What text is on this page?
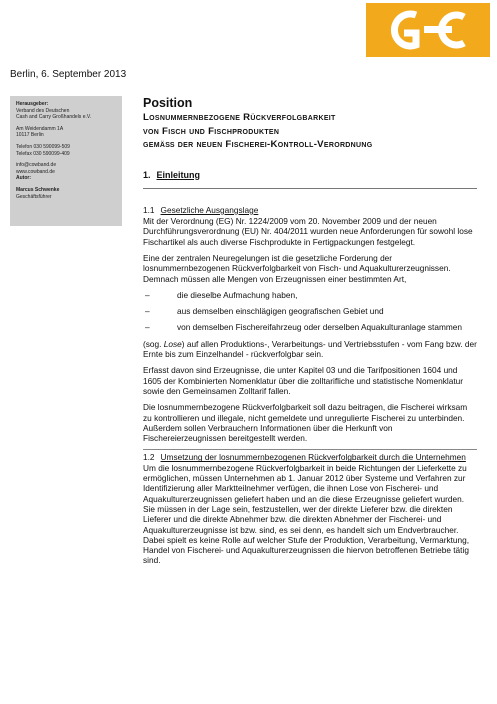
Berlin, 6. September 2013
Herausgeber:
Verband des Deutschen
Cash and Carry Großhandels e.V.
Am Weidendamm 1A
10117 Berlin
Telefon 030 590099-509
Telefax 030 590099-409
info@cowband.de
www.cowband.de
Autor:
Marcus Schwenke
Geschäftsführer
Position
Losnummernbezogene Rückverfolgbarkeit
von Fisch und Fischprodukten
gemäß der neuen Fischerei-Kontroll-Verordnung
1. Einleitung
1.1 Gesetzliche Ausgangslage

Mit der Verordnung (EG) Nr. 1224/2009 vom 20. November 2009 und der neuen Durchführungsverordnung (EU) Nr. 404/2011 wurden neue Anforderungen für sowohl lose Fischartikel als auch diverse Fischprodukte in Fertigpackungen festgelegt.

Eine der zentralen Neuregelungen ist die gesetzliche Forderung der losnummernbezogenen Rückverfolgbarkeit von Fisch- und Aquakulturerzeugnissen. Demnach müssen alle Mengen von Erzeugnissen einer bestimmten Art,

–	die dieselbe Aufmachung haben,
–	aus demselben einschlägigen geografischen Gebiet und
–	von demselben Fischereifahrzeug oder derselben Aquakulturanlage stammen

(sog. Lose) auf allen Produktions-, Verarbeitungs- und Vertriebsstufen - vom Fang bzw. der Ernte bis zum Einzelhandel - rückverfolgbar sein.

Erfasst davon sind Erzeugnisse, die unter Kapitel 03 und die Tarifpositionen 1604 und 1605 der Kombinierten Nomenklatur über die zolltarifliche und statistische Nomenklatur sowie den Gemeinsamen Zolltarif fallen.

Die losnummernbezogene Rückverfolgbarkeit soll dazu beitragen, die Fischerei wirksam zu kontrollieren und illegale, nicht gemeldete und unregulierte Fischerei zu unterbinden. Außerdem sollen Verbrauchern Informationen über die Herkunft von Fischereierzeugnissen bereitgestellt werden.

1.2 Umsetzung der losnummernbezogenen Rückverfolgbarkeit durch die Unternehmen

Um die losnummernbezogene Rückverfolgbarkeit in beide Richtungen der Lieferkette zu ermöglichen, müssen Unternehmen ab 1. Januar 2012 über Systeme und Verfahren zur Identifizierung aller Marktteilnehmer verfügen, die ihnen Lose von Fischerei- und Aquakulturerzeugnissen geliefert haben und an die diese Erzeugnisse geliefert wurden. Sie müssen in der Lage sein, festzustellen, wer der direkte Lieferer bzw. die direkten Lieferer und die direkte Abnehmer bzw. die direkten Abnehmer der Fischerei- und Aquakulturerzeugnisse ist bzw. sind, es sei denn, es handelt sich um Endverbraucher. Dabei spielt es keine Rolle auf welcher Stufe der Produktion, Verarbeitung, Vermarktung, Handel von Fischerei- und Aquakulturerzeugnissen die hiervon betroffenen Betriebe tätig sind.
